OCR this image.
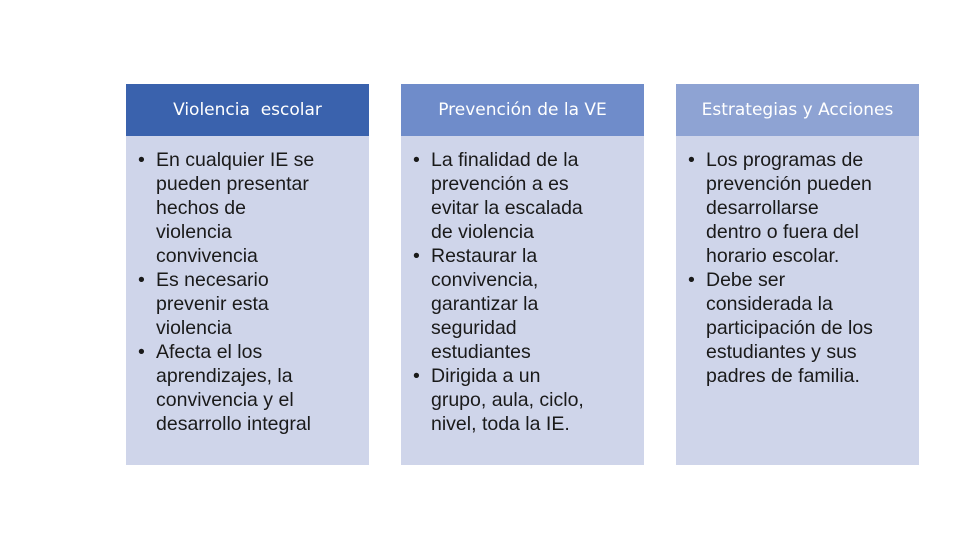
Violencia  escolar
• En cualquier IE se
pueden presentar
hechos de
violencia
convivencia
• Es necesario
prevenir esta
violencia
• Afecta el los
aprendizajes, la
convivencia y el
desarrollo integral
Prevención de la VE
• La finalidad de la
prevención a es
evitar la escalada
de violencia
• Restaurar la
convivencia,
garantizar la
seguridad
estudiantes
• Dirigida a un
grupo, aula, ciclo,
nivel, toda la IE.
Estrategias y Acciones
• Los programas de
prevención pueden
desarrollarse
dentro o fuera del
horario escolar.
• Debe ser
considerada la
participación de los
estudiantes y sus
padres de familia.
